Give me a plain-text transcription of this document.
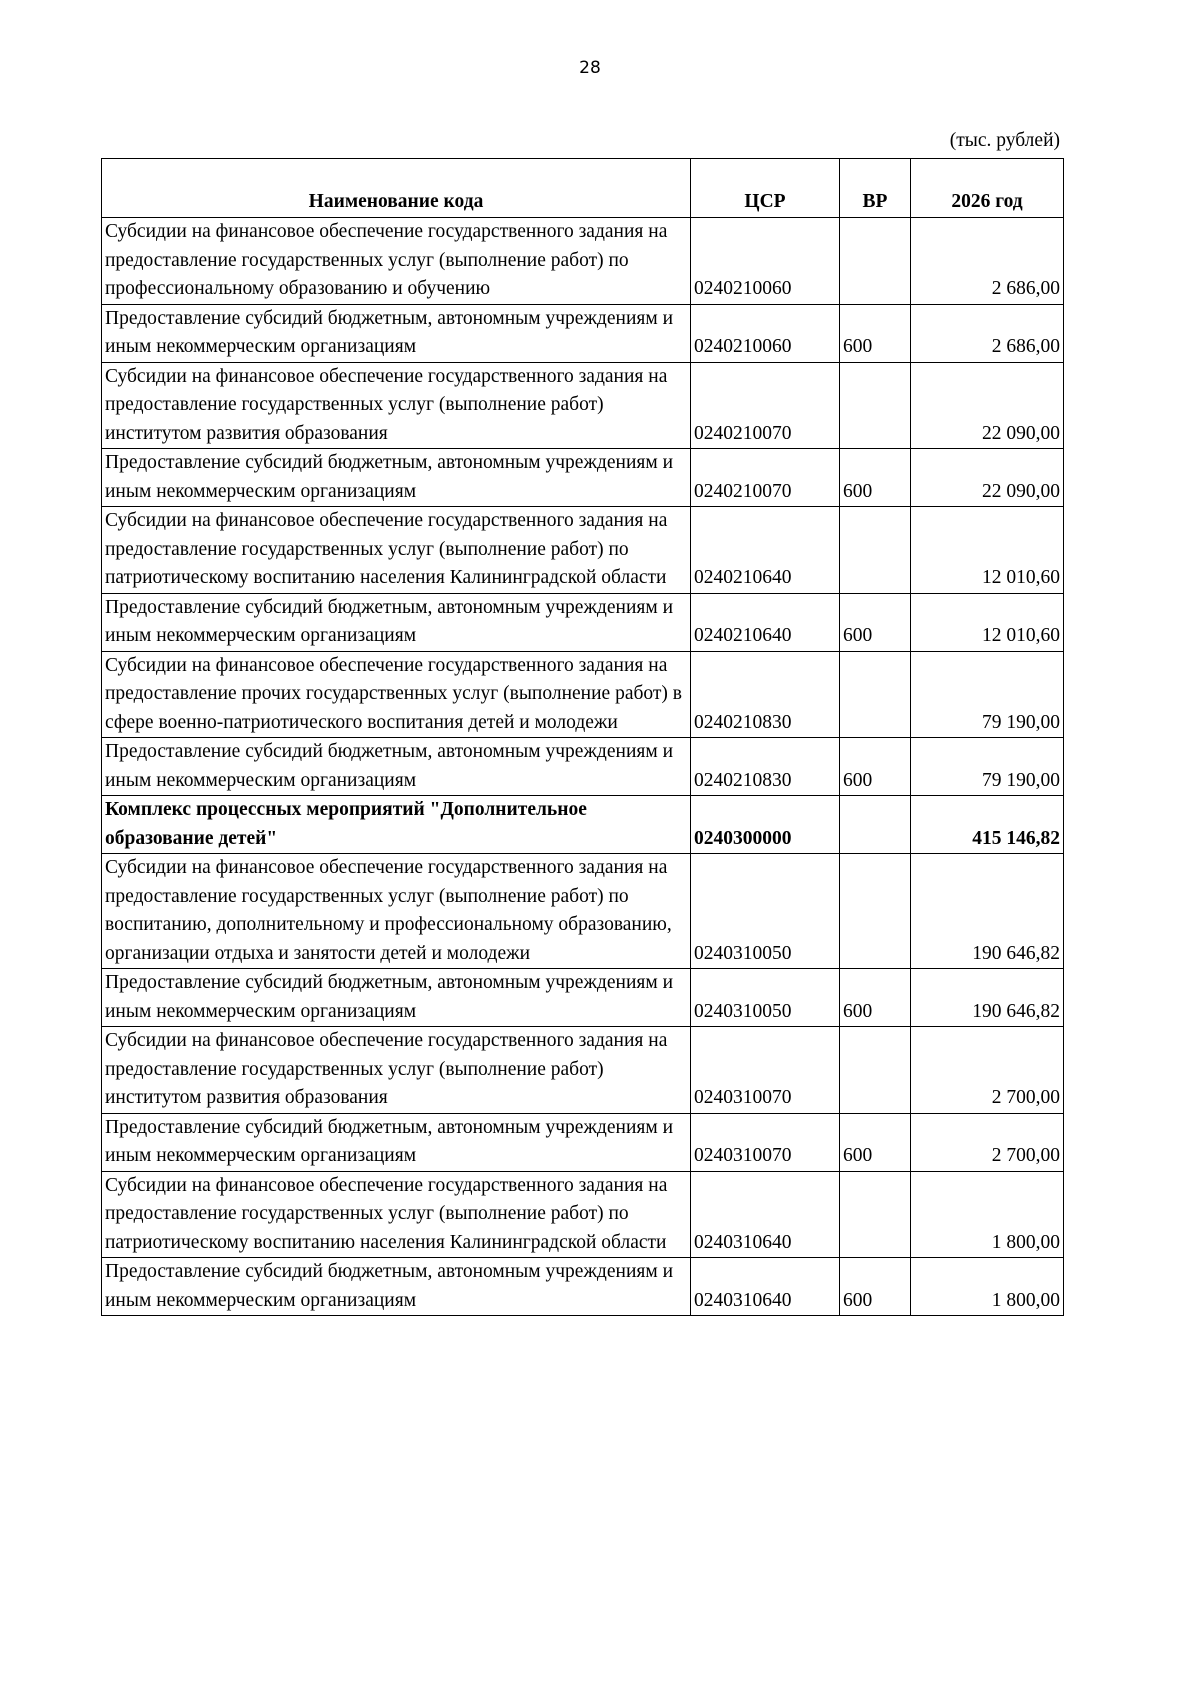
28
(тыс. рублей)
Наименование кода	ЦСР	ВР	2026 год
Субсидии на финансовое обеспечение государственного задания на предоставление государственных услуг (выполнение работ) по профессиональному образованию и обучению	0240210060		2 686,00
Предоставление субсидий бюджетным, автономным учреждениям и иным некоммерческим организациям	0240210060	600	2 686,00
Субсидии на финансовое обеспечение государственного задания на предоставление государственных услуг (выполнение работ) институтом развития образования	0240210070		22 090,00
Предоставление субсидий бюджетным, автономным учреждениям и иным некоммерческим организациям	0240210070	600	22 090,00
Субсидии на финансовое обеспечение государственного задания на предоставление государственных услуг (выполнение работ) по патриотическому воспитанию населения Калининградской области	0240210640		12 010,60
Предоставление субсидий бюджетным, автономным учреждениям и иным некоммерческим организациям	0240210640	600	12 010,60
Субсидии на финансовое обеспечение государственного задания на предоставление прочих государственных услуг (выполнение работ) в сфере военно-патриотического воспитания детей и молодежи	0240210830		79 190,00
Предоставление субсидий бюджетным, автономным учреждениям и иным некоммерческим организациям	0240210830	600	79 190,00
Комплекс процессных мероприятий "Дополнительное образование детей"	0240300000		415 146,82
Субсидии на финансовое обеспечение государственного задания на предоставление государственных услуг (выполнение работ) по воспитанию, дополнительному и профессиональному образованию, организации отдыха и занятости детей и молодежи	0240310050		190 646,82
Предоставление субсидий бюджетным, автономным учреждениям и иным некоммерческим организациям	0240310050	600	190 646,82
Субсидии на финансовое обеспечение государственного задания на предоставление государственных услуг (выполнение работ) институтом развития образования	0240310070		2 700,00
Предоставление субсидий бюджетным, автономным учреждениям и иным некоммерческим организациям	0240310070	600	2 700,00
Субсидии на финансовое обеспечение государственного задания на предоставление государственных услуг (выполнение работ) по патриотическому воспитанию населения Калининградской области	0240310640		1 800,00
Предоставление субсидий бюджетным, автономным учреждениям и иным некоммерческим организациям	0240310640	600	1 800,00
